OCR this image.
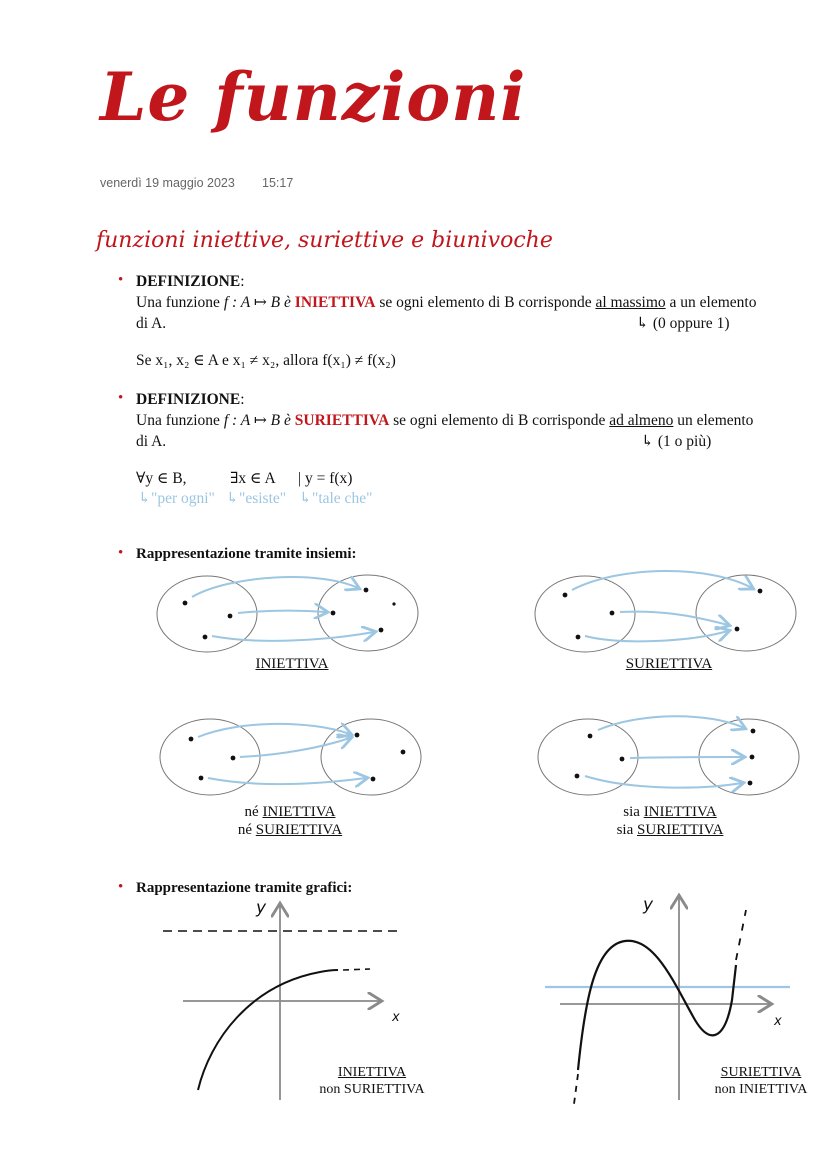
Le funzioni
venerdì 19 maggio 2023 15:17
funzioni iniettive, suriettive e biunivoche
• DEFINIZIONE:
Una funzione f : A ↦ B è INIETTIVA se ogni elemento di B corrisponde al massimo a un elemento
di A.	↳ (0 oppure 1)
Se x₁, x₂ ∈ A e x₁ ≠ x₂, allora f(x₁) ≠ f(x₂)
• DEFINIZIONE:
Una funzione f : A ↦ B è SURIETTIVA se ogni elemento di B corrisponde ad almeno un elemento
di A.	↳ (1 o più)
∀y ∈ B,	∃x ∈ A | y = f(x)
↳"per ogni" ↳"esiste" ↳"tale che"
• Rappresentazione tramite insiemi:
INIETTIVA	SURIETTIVA
né INIETTIVA
né SURIETTIVA
sia INIETTIVA
sia SURIETTIVA
• Rappresentazione tramite grafici:
y
x
y
x
INIETTIVA
non SURIETTIVA
SURIETTIVA
non INIETTIVA
